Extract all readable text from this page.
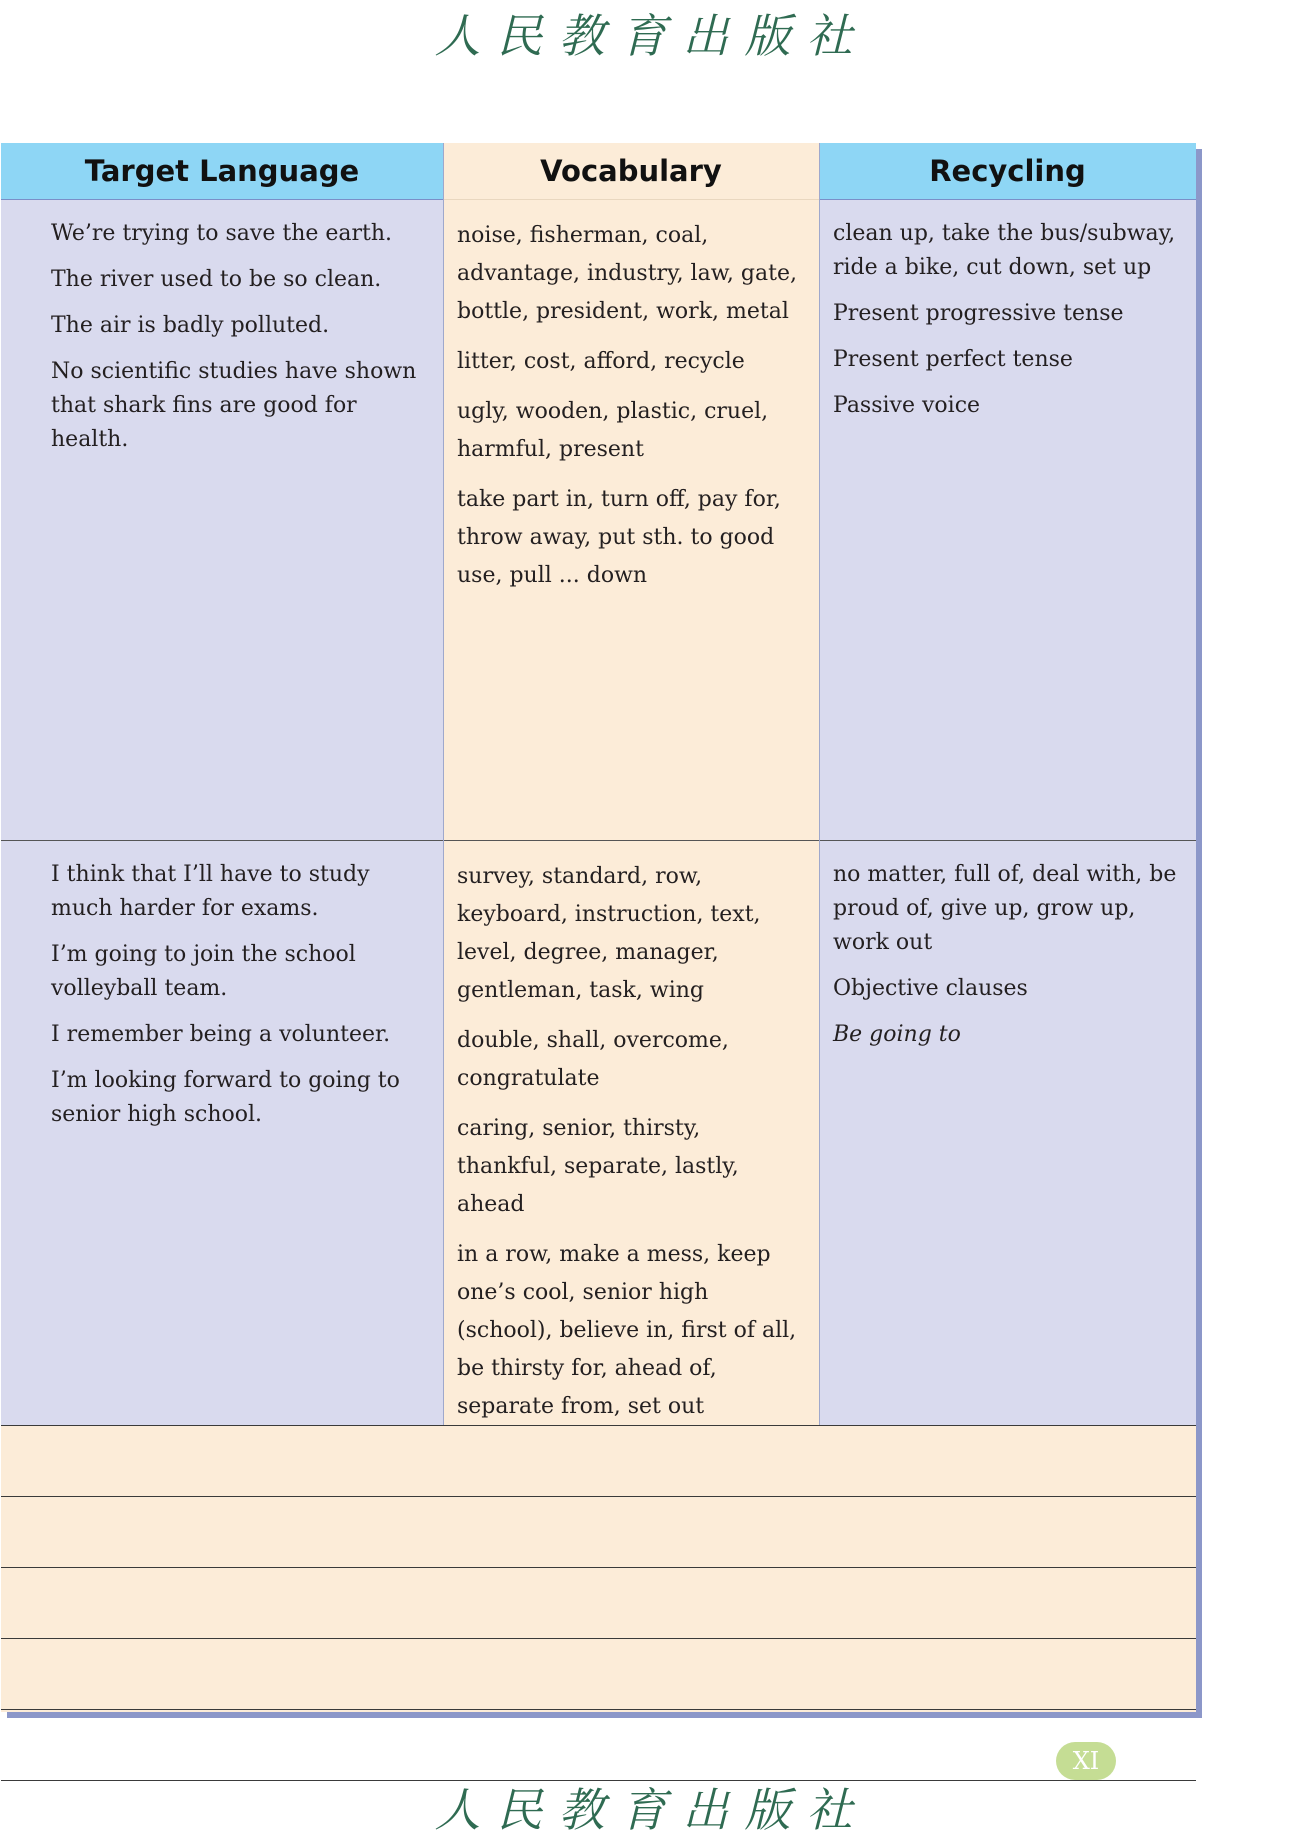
人民教育出版社
Target Language	Vocabulary	Recycling
We’re trying to save the earth.
The river used to be so clean.
The air is badly polluted.
No scientific studies have shown that shark fins are good for health.
noise, fisherman, coal, advantage, industry, law, gate, bottle, president, work, metal
litter, cost, afford, recycle
ugly, wooden, plastic, cruel, harmful, present
take part in, turn off, pay for, throw away, put sth. to good use, pull ... down
clean up, take the bus/subway, ride a bike, cut down, set up
Present progressive tense
Present perfect tense
Passive voice
I think that I’ll have to study much harder for exams.
I’m going to join the school volleyball team.
I remember being a volunteer.
I’m looking forward to going to senior high school.
survey, standard, row, keyboard, instruction, text, level, degree, manager, gentleman, task, wing
double, shall, overcome, congratulate
caring, senior, thirsty, thankful, separate, lastly, ahead
in a row, make a mess, keep one’s cool, senior high (school), believe in, first of all, be thirsty for, ahead of, separate from, set out
no matter, full of, deal with, be proud of, give up, grow up, work out
Objective clauses
Be going to
XI
人民教育出版社
